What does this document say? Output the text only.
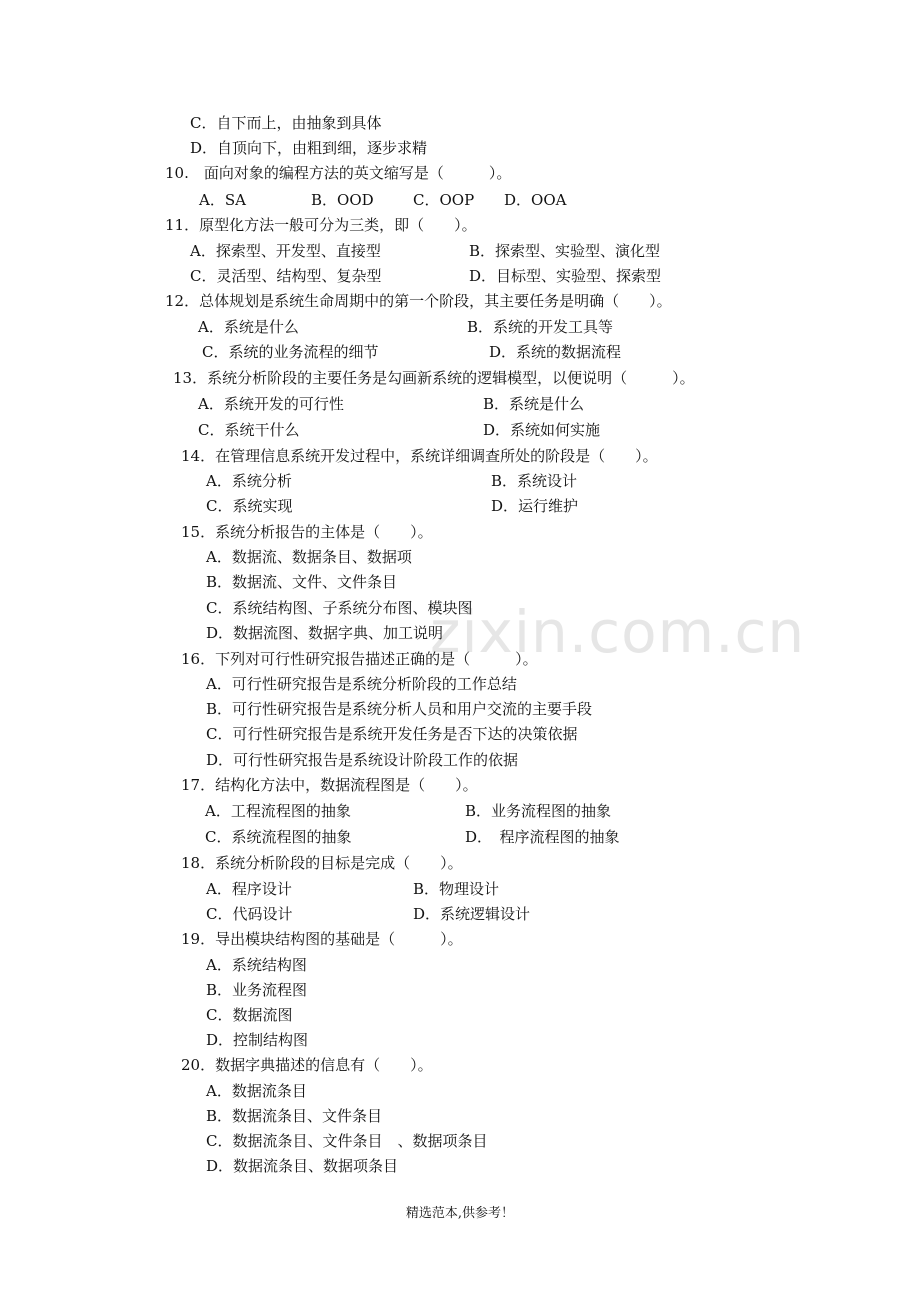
zixin.com.cn
C．自下而上，由抽象到具体
D．自顶向下，由粗到细，逐步求精
10.　面向对象的编程方法的英文缩写是（　　　）。
A．SA	B．OOD	C．OOP D．OOA
11．原型化方法一般可分为三类，即（　　）。
A．探索型、开发型、直接型	B．探索型、实验型、演化型
C．灵活型、结构型、复杂型	D．目标型、实验型、探索型
12．总体规划是系统生命周期中的第一个阶段，其主要任务是明确（　　）。
A．系统是什么	B．系统的开发工具等
C．系统的业务流程的细节	D．系统的数据流程
13．系统分析阶段的主要任务是勾画新系统的逻辑模型，以便说明（　　　）。
A．系统开发的可行性	B．系统是什么
C．系统干什么	D．系统如何实施
14．在管理信息系统开发过程中，系统详细调查所处的阶段是（　　）。
A．系统分析	B．系统设计
C．系统实现	D．运行维护
15．系统分析报告的主体是（　　）。
A．数据流、数据条目、数据项
B．数据流、文件、文件条目
C．系统结构图、子系统分布图、模块图
D．数据流图、数据字典、加工说明
16．下列对可行性研究报告描述正确的是（　　　）。
A．可行性研究报告是系统分析阶段的工作总结
B．可行性研究报告是系统分析人员和用户交流的主要手段
C．可行性研究报告是系统开发任务是否下达的决策依据
D．可行性研究报告是系统设计阶段工作的依据
17．结构化方法中，数据流程图是（　　）。
A．工程流程图的抽象	B．业务流程图的抽象
C．系统流程图的抽象	D．　程序流程图的抽象
18．系统分析阶段的目标是完成（　　）。
A．程序设计	B．物理设计
C．代码设计	D．系统逻辑设计
19．导出模块结构图的基础是（　　　）。
A．系统结构图
B．业务流程图
C．数据流图
D．控制结构图
20．数据字典描述的信息有（　　）。
A．数据流条目
B．数据流条目、文件条目
C．数据流条目、文件条目　、数据项条目
D．数据流条目、数据项条目
精选范本,供参考！
